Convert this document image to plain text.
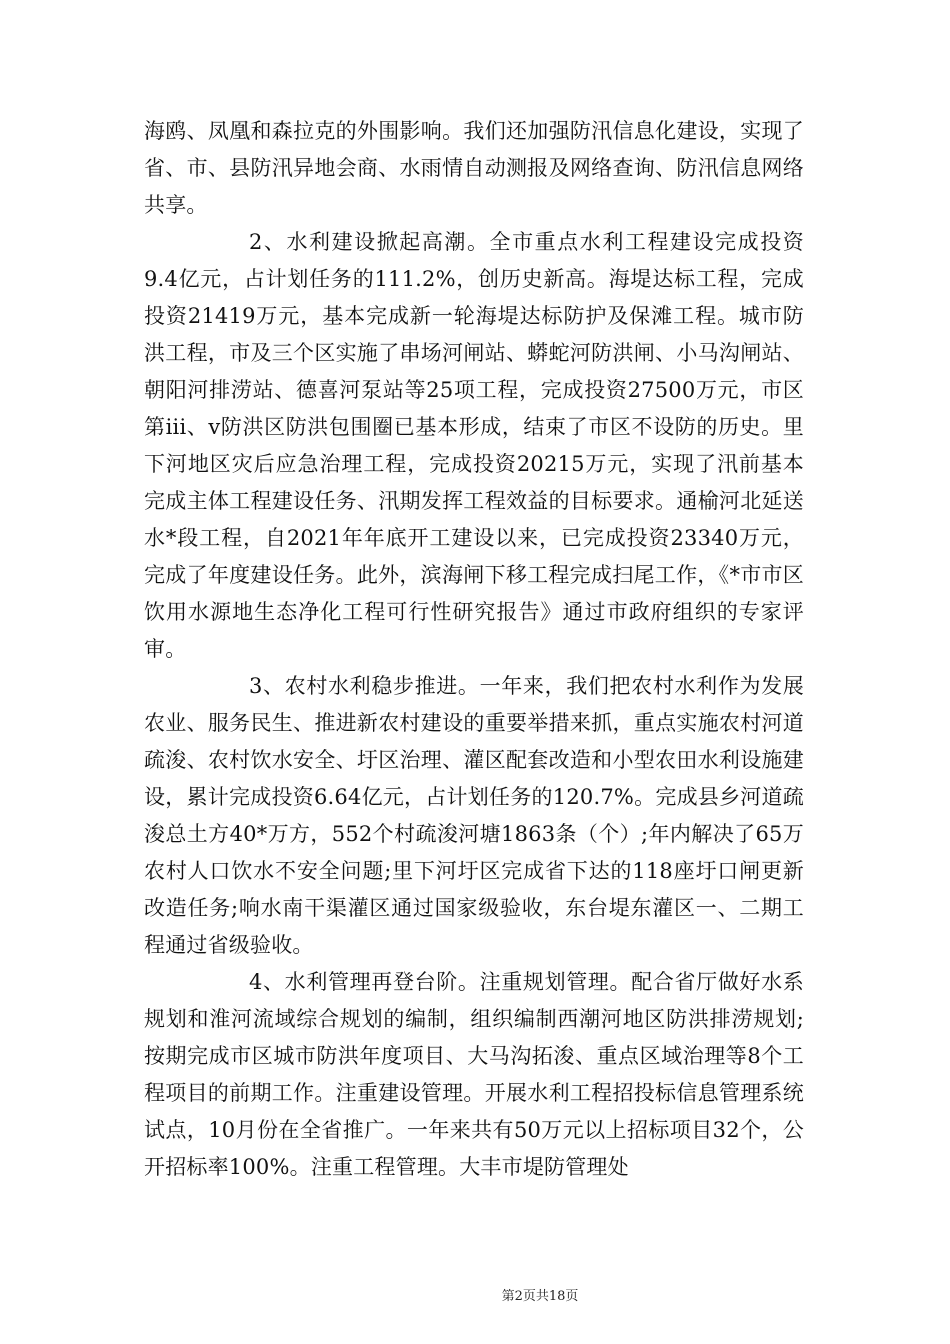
海鸥、凤凰和森拉克的外围影响。我们还加强防汛信息化建设，实现了省、市、县防汛异地会商、水雨情自动测报及网络查询、防汛信息网络共享。

2、水利建设掀起高潮。全市重点水利工程建设完成投资9.4亿元，占计划任务的111.2%，创历史新高。海堤达标工程，完成投资21419万元，基本完成新一轮海堤达标防护及保滩工程。城市防洪工程，市及三个区实施了串场河闸站、蟒蛇河防洪闸、小马沟闸站、朝阳河排涝站、德喜河泵站等25项工程，完成投资27500万元，市区第iii、v防洪区防洪包围圈已基本形成，结束了市区不设防的历史。里下河地区灾后应急治理工程，完成投资20215万元，实现了汛前基本完成主体工程建设任务、汛期发挥工程效益的目标要求。通榆河北延送水*段工程，自2021年年底开工建设以来，已完成投资23340万元，完成了年度建设任务。此外，滨海闸下移工程完成扫尾工作，《*市市区饮用水源地生态净化工程可行性研究报告》通过市政府组织的专家评审。

3、农村水利稳步推进。一年来，我们把农村水利作为发展农业、服务民生、推进新农村建设的重要举措来抓，重点实施农村河道疏浚、农村饮水安全、圩区治理、灌区配套改造和小型农田水利设施建设，累计完成投资6.64亿元，占计划任务的120.7%。完成县乡河道疏浚总土方40*万方，552个村疏浚河塘1863条（个）;年内解决了65万农村人口饮水不安全问题;里下河圩区完成省下达的118座圩口闸更新改造任务;响水南干渠灌区通过国家级验收，东台堤东灌区一、二期工程通过省级验收。

4、水利管理再登台阶。注重规划管理。配合省厅做好水系规划和淮河流域综合规划的编制，组织编制西潮河地区防洪排涝规划;按期完成市区城市防洪年度项目、大马沟拓浚、重点区域治理等8个工程项目的前期工作。注重建设管理。开展水利工程招投标信息管理系统试点，10月份在全省推广。一年来共有50万元以上招标项目32个，公开招标率100%。注重工程管理。大丰市堤防管理处

第2页共18页
